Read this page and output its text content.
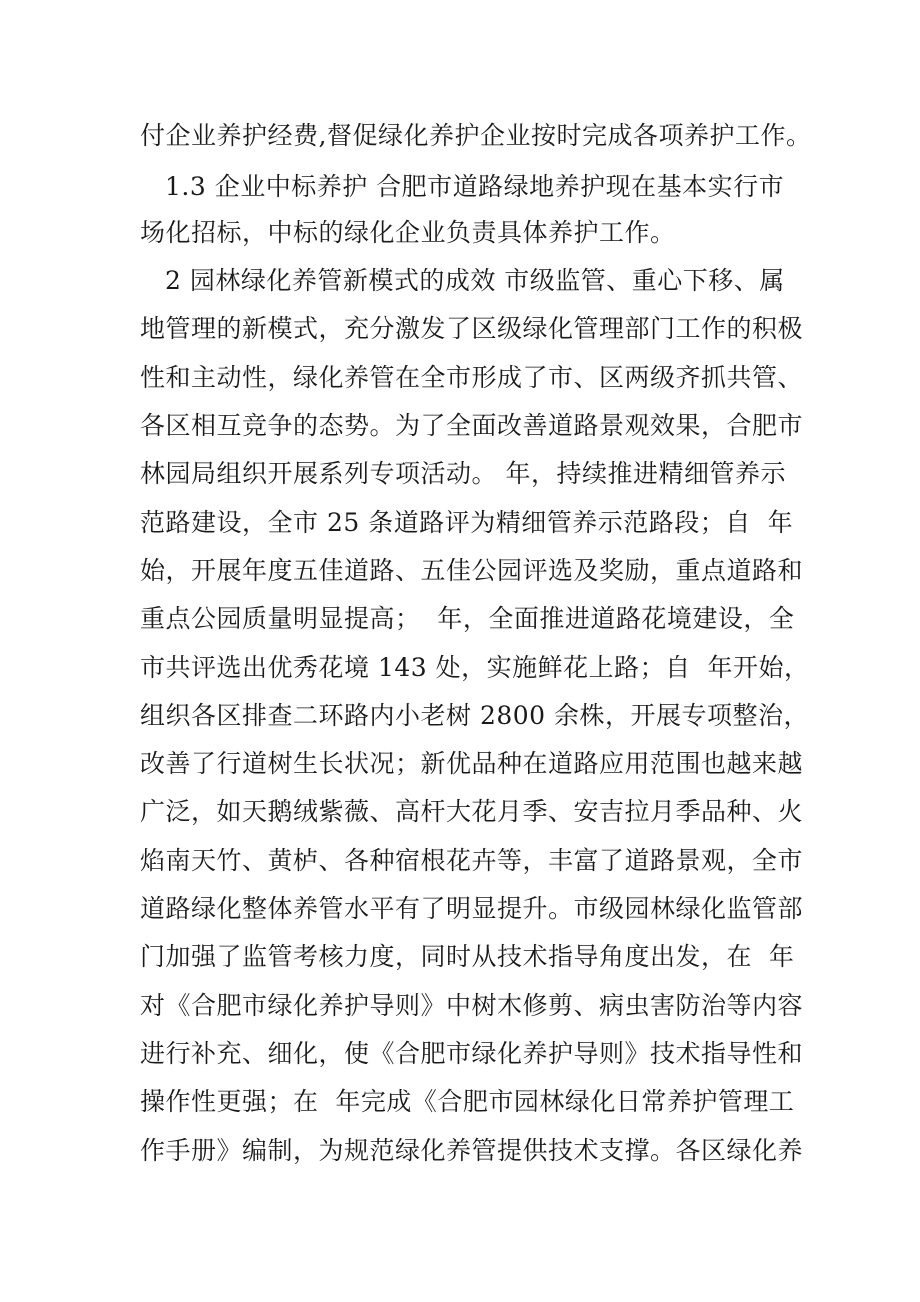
付企业养护经费,督促绿化养护企业按时完成各项养护工作。
1.3 企业中标养护 合肥市道路绿地养护现在基本实行市
场化招标，中标的绿化企业负责具体养护工作。
2 园林绿化养管新模式的成效 市级监管、重心下移、属
地管理的新模式，充分激发了区级绿化管理部门工作的积极
性和主动性，绿化养管在全市形成了市、区两级齐抓共管、
各区相互竞争的态势。为了全面改善道路景观效果，合肥市
林园局组织开展系列专项活动。 年，持续推进精细管养示
范路建设，全市 25 条道路评为精细管养示范路段；自  年
始，开展年度五佳道路、五佳公园评选及奖励，重点道路和
重点公园质量明显提高；  年，全面推进道路花境建设，全
市共评选出优秀花境 143 处，实施鲜花上路；自  年开始，
组织各区排查二环路内小老树 2800 余株，开展专项整治，
改善了行道树生长状况；新优品种在道路应用范围也越来越
广泛，如天鹅绒紫薇、高杆大花月季、安吉拉月季品种、火
焰南天竹、黄栌、各种宿根花卉等，丰富了道路景观，全市
道路绿化整体养管水平有了明显提升。市级园林绿化监管部
门加强了监管考核力度，同时从技术指导角度出发，在  年
对《合肥市绿化养护导则》中树木修剪、病虫害防治等内容
进行补充、细化，使《合肥市绿化养护导则》技术指导性和
操作性更强；在  年完成《合肥市园林绿化日常养护管理工
作手册》编制，为规范绿化养管提供技术支撑。各区绿化养
